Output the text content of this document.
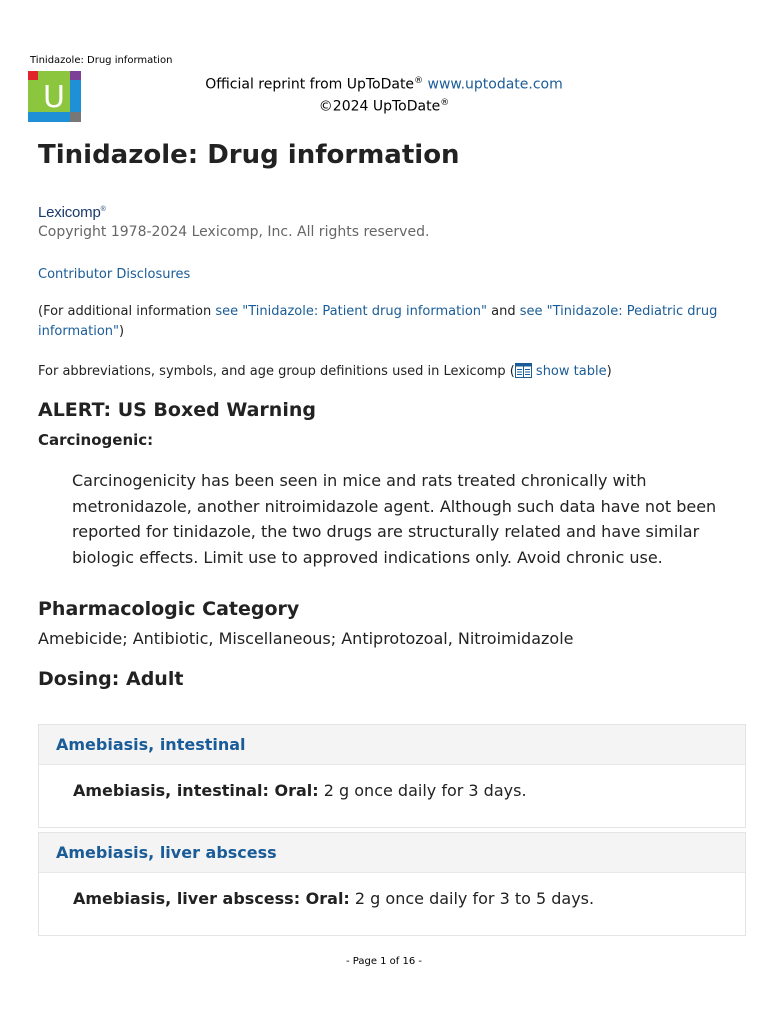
Tinidazole: Drug information
U	Official reprint from UpToDate® www.uptodate.com
©2024 UpToDate®
Tinidazole: Drug information
Lexicomp®
Copyright 1978-2024 Lexicomp, Inc. All rights reserved.
Contributor Disclosures
(For additional information see "Tinidazole: Patient drug information" and see "Tinidazole: Pediatric drug information")
For abbreviations, symbols, and age group definitions used in Lexicomp ( show table)
ALERT: US Boxed Warning
Carcinogenic:
Carcinogenicity has been seen in mice and rats treated chronically with metronidazole, another nitroimidazole agent. Although such data have not been reported for tinidazole, the two drugs are structurally related and have similar biologic effects. Limit use to approved indications only. Avoid chronic use.
Pharmacologic Category
Amebicide; Antibiotic, Miscellaneous; Antiprotozoal, Nitroimidazole
Dosing: Adult
Amebiasis, intestinal
Amebiasis, intestinal: Oral: 2 g once daily for 3 days.
Amebiasis, liver abscess
Amebiasis, liver abscess: Oral: 2 g once daily for 3 to 5 days.
- Page 1 of 16 -
